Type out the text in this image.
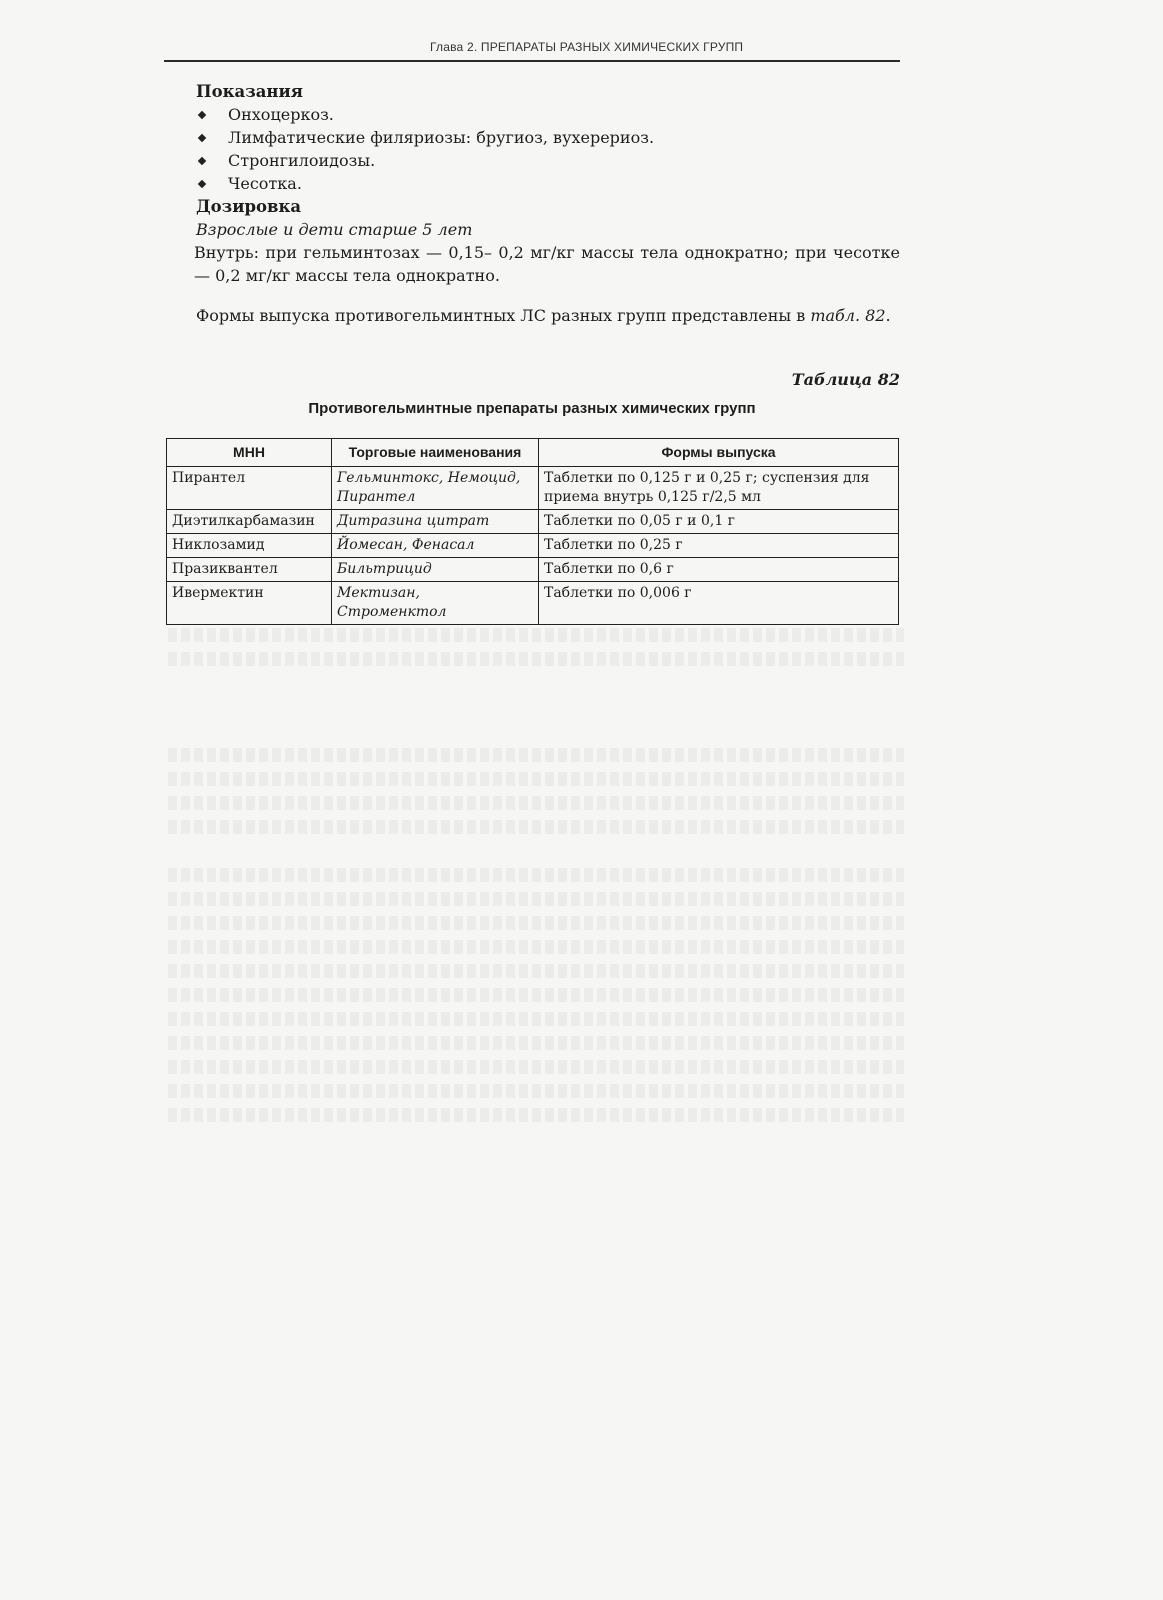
Глава 2. ПРЕПАРАТЫ РАЗНЫХ ХИМИЧЕСКИХ ГРУПП

Показания

Онхоцеркоз.
Лимфатические филяриозы: бругиоз, вухерериоз.
Стронгилоидозы.
Чесотка.

Дозировка

Взрослые и дети старше 5 лет

Внутрь: при гельминтозах — 0,15– 0,2 мг/кг массы тела однократно; при чесотке — 0,2 мг/кг массы тела однократно.

Формы выпуска противогельминтных ЛС разных групп представлены в табл. 82.
Таблица 82
Противогельминтные препараты разных химических групп
МНН	Торговые наименования	Формы выпуска
Пирантел	Гельминтокс, Немоцид, Пирантел	Таблетки по 0,125 г и 0,25 г; суспензия для приема внутрь 0,125 г/2,5 мл
Диэтилкарбамазин	Дитразина цитрат	Таблетки по 0,05 г и 0,1 г
Никлозамид	Йомесан, Фенасал	Таблетки по 0,25 г
Празиквантел	Бильтрицид	Таблетки по 0,6 г
Ивермектин	Мектизан, Строменктол	Таблетки по 0,006 г
